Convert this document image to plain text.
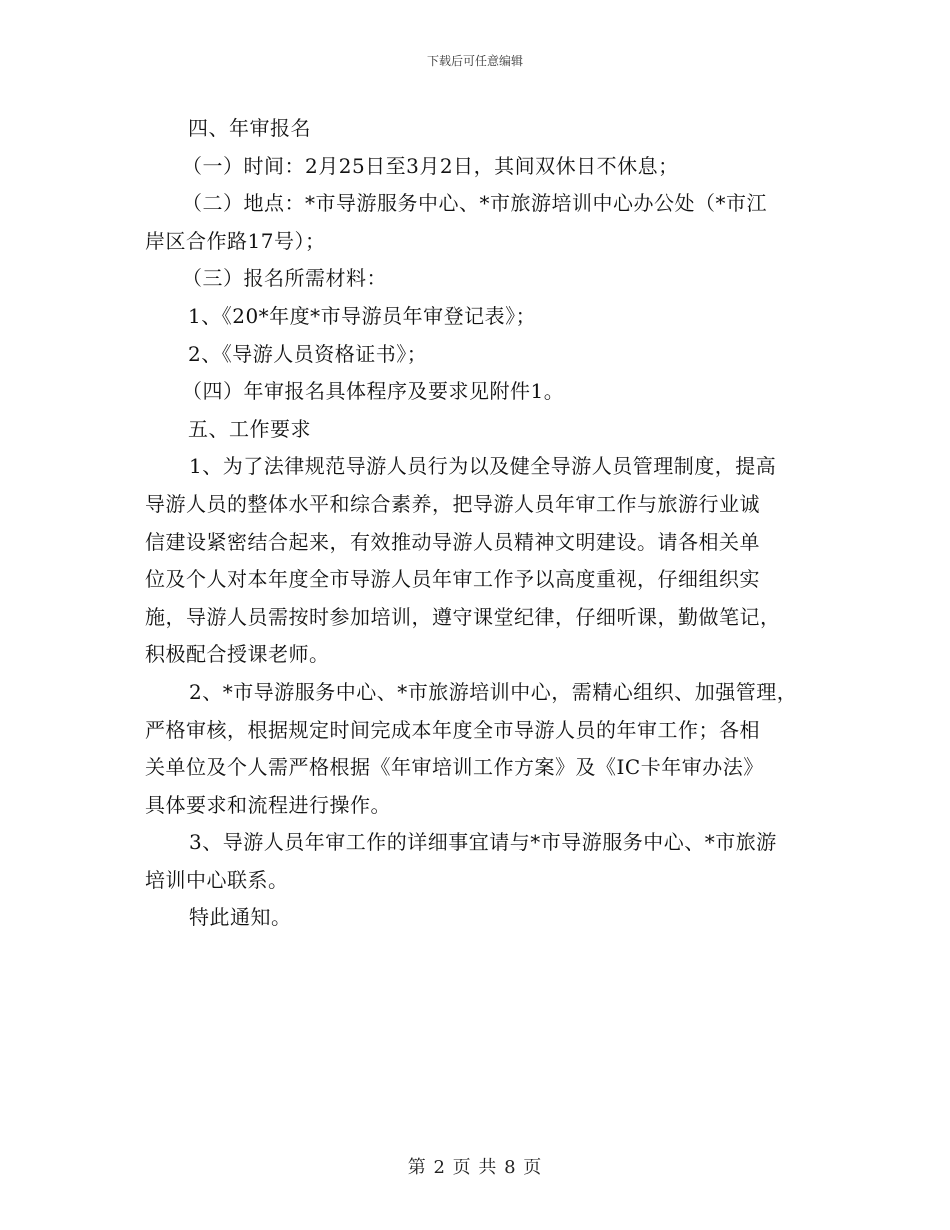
下载后可任意编辑
四、年审报名
（一）时间：2月25日至3月2日，其间双休日不休息；
（二）地点：*市导游服务中心、*市旅游培训中心办公处（*市江
岸区合作路17号）；
（三）报名所需材料：
1、《20*年度*市导游员年审登记表》；
2、《导游人员资格证书》；
（四）年审报名具体程序及要求见附件1。
五、工作要求
1、为了法律规范导游人员行为以及健全导游人员管理制度，提高
导游人员的整体水平和综合素养，把导游人员年审工作与旅游行业诚
信建设紧密结合起来，有效推动导游人员精神文明建设。请各相关单
位及个人对本年度全市导游人员年审工作予以高度重视，仔细组织实
施，导游人员需按时参加培训，遵守课堂纪律，仔细听课，勤做笔记，
积极配合授课老师。
2、*市导游服务中心、*市旅游培训中心，需精心组织、加强管理，
严格审核，根据规定时间完成本年度全市导游人员的年审工作；各相
关单位及个人需严格根据《年审培训工作方案》及《IC卡年审办法》
具体要求和流程进行操作。
3、导游人员年审工作的详细事宜请与*市导游服务中心、*市旅游
培训中心联系。
特此通知。
第 2 页 共 8 页
